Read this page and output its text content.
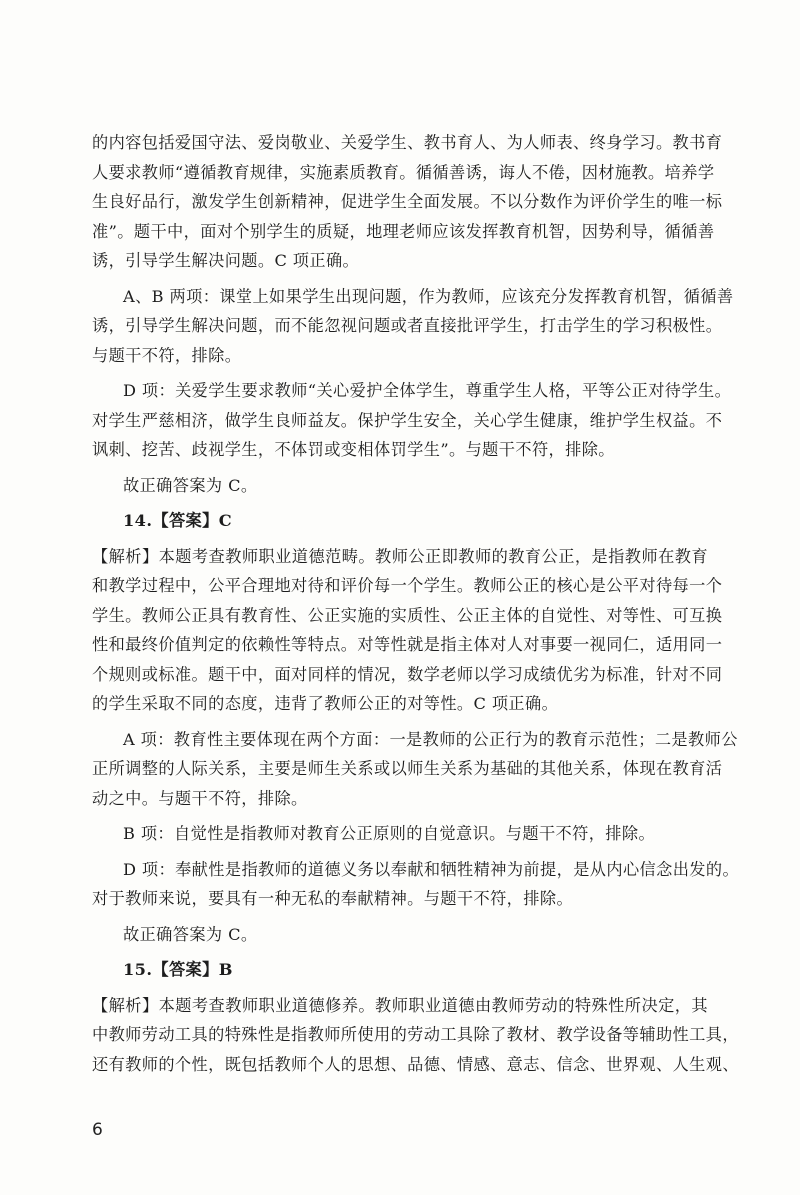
的内容包括爱国守法、爱岗敬业、关爱学生、教书育人、为人师表、终身学习。教书育
人要求教师“遵循教育规律，实施素质教育。循循善诱，诲人不倦，因材施教。培养学
生良好品行，激发学生创新精神，促进学生全面发展。不以分数作为评价学生的唯一标
准”。题干中，面对个别学生的质疑，地理老师应该发挥教育机智，因势利导，循循善
诱，引导学生解决问题。C 项正确。
A、B 两项：课堂上如果学生出现问题，作为教师，应该充分发挥教育机智，循循善
诱，引导学生解决问题，而不能忽视问题或者直接批评学生，打击学生的学习积极性。
与题干不符，排除。
D 项：关爱学生要求教师“关心爱护全体学生，尊重学生人格，平等公正对待学生。
对学生严慈相济，做学生良师益友。保护学生安全，关心学生健康，维护学生权益。不
讽刺、挖苦、歧视学生，不体罚或变相体罚学生”。与题干不符，排除。
故正确答案为 C。
14.【答案】C
【解析】本题考查教师职业道德范畴。教师公正即教师的教育公正，是指教师在教育
和教学过程中，公平合理地对待和评价每一个学生。教师公正的核心是公平对待每一个
学生。教师公正具有教育性、公正实施的实质性、公正主体的自觉性、对等性、可互换
性和最终价值判定的依赖性等特点。对等性就是指主体对人对事要一视同仁，适用同一
个规则或标准。题干中，面对同样的情况，数学老师以学习成绩优劣为标准，针对不同
的学生采取不同的态度，违背了教师公正的对等性。C 项正确。
A 项：教育性主要体现在两个方面：一是教师的公正行为的教育示范性；二是教师公
正所调整的人际关系，主要是师生关系或以师生关系为基础的其他关系，体现在教育活
动之中。与题干不符，排除。
B 项：自觉性是指教师对教育公正原则的自觉意识。与题干不符，排除。
D 项：奉献性是指教师的道德义务以奉献和牺牲精神为前提，是从内心信念出发的。
对于教师来说，要具有一种无私的奉献精神。与题干不符，排除。
故正确答案为 C。
15.【答案】B
【解析】本题考查教师职业道德修养。教师职业道德由教师劳动的特殊性所决定，其
中教师劳动工具的特殊性是指教师所使用的劳动工具除了教材、教学设备等辅助性工具，
还有教师的个性，既包括教师个人的思想、品德、情感、意志、信念、世界观、人生观、
6
